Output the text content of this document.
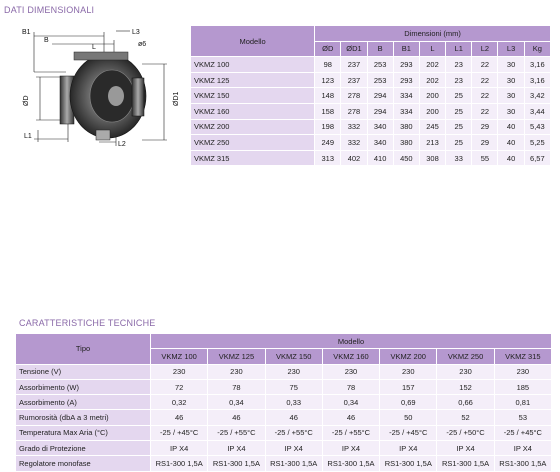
DATI DIMENSIONALI
B1
B
L3
ø6
L
ØD	ØD1
L1
L2
Modello	Dimensioni (mm)								
	ØD	ØD1	B	B1	L	L1	L2	L3	Kg
VKMZ 100	98	237	253	293	202	23	22	30	3,16
VKMZ 125	123	237	253	293	202	23	22	30	3,16
VKMZ 150	148	278	294	334	200	25	22	30	3,42
VKMZ 160	158	278	294	334	200	25	22	30	3,44
VKMZ 200	198	332	340	380	245	25	29	40	5,43
VKMZ 250	249	332	340	380	213	25	29	40	5,25
VKMZ 315	313	402	410	450	308	33	55	40	6,57
CARATTERISTICHE TECNICHE
Tipo	Modello						
	VKMZ 100	VKMZ 125	VKMZ 150	VKMZ 160	VKMZ 200	VKMZ 250	VKMZ 315
Tensione (V)	230	230	230	230	230	230	230
Assorbimento (W)	72	78	75	78	157	152	185
Assorbimento (A)	0,32	0,34	0,33	0,34	0,69	0,66	0,81
Rumorosità (dbA a 3 metri)	46	46	46	46	50	52	53
Temperatura Max Aria (°C)	-25 / +45°C	-25 / +55°C	-25 / +55°C	-25 / +55°C	-25 / +45°C	-25 / +50°C	-25 / +45°C
Grado di Protezione	IP X4	IP X4	IP X4	IP X4	IP X4	IP X4	IP X4
Regolatore monofase	RS1-300 1,5A	RS1-300 1,5A	RS1-300 1,5A	RS1-300 1,5A	RS1-300 1,5A	RS1-300 1,5A	RS1-300 1,5A
